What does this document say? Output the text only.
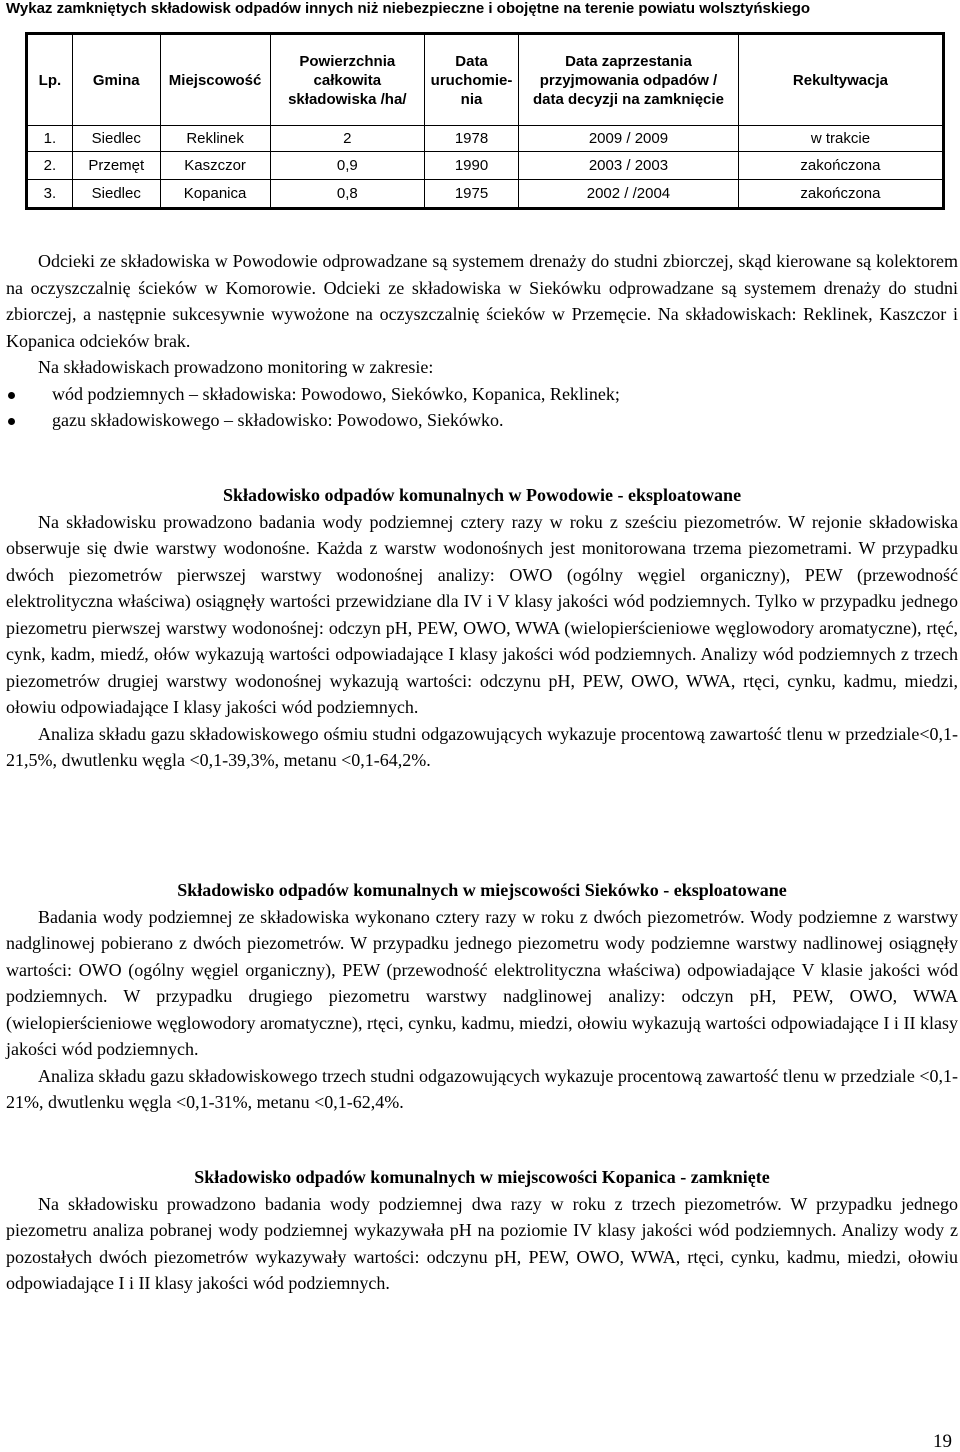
Wykaz zamkniętych składowisk odpadów innych niż niebezpieczne i obojętne na terenie powiatu wolsztyńskiego
Lp.	Gmina	Miejscowość	Powierzchnia całkowita składowiska /ha/	Data uruchomie-nia	Data zaprzestania przyjmowania odpadów / data decyzji na zamknięcie	Rekultywacja
1.	Siedlec	Reklinek	2	1978	2009 / 2009	w trakcie
2.	Przemęt	Kaszczor	0,9	1990	2003 / 2003	zakończona
3.	Siedlec	Kopanica	0,8	1975	2002 / /2004	zakończona

Odcieki ze składowiska w Powodowie odprowadzane są systemem drenaży do studni zbiorczej, skąd kierowane są kolektorem na oczyszczalnię ścieków w Komorowie. Odcieki ze składowiska w Siekówku odprowadzane są systemem drenaży do studni zbiorczej, a następnie sukcesywnie wywożone na oczyszczalnię ścieków w Przemęcie. Na składowiskach: Reklinek, Kaszczor i Kopanica odcieków brak.

Na składowiskach prowadzono monitoring w zakresie:

wód podziemnych – składowiska: Powodowo, Siekówko, Kopanica, Reklinek;
gazu składowiskowego – składowisko: Powodowo, Siekówko.

Składowisko odpadów komunalnych w Powodowie - eksploatowane

Na składowisku prowadzono badania wody podziemnej cztery razy w roku z sześciu piezometrów. W rejonie składowiska obserwuje się dwie warstwy wodonośne. Każda z warstw wodonośnych jest monitorowana trzema piezometrami. W przypadku dwóch piezometrów pierwszej warstwy wodonośnej analizy: OWO (ogólny węgiel organiczny), PEW (przewodność elektrolityczna właściwa) osiągnęły wartości przewidziane dla IV i V klasy jakości wód podziemnych. Tylko w przypadku jednego piezometru pierwszej warstwy wodonośnej: odczyn pH, PEW, OWO, WWA (wielopierścieniowe węglowodory aromatyczne), rtęć, cynk, kadm, miedź, ołów wykazują wartości odpowiadające I klasy jakości wód podziemnych. Analizy wód podziemnych z trzech piezometrów drugiej warstwy wodonośnej wykazują wartości: odczynu pH, PEW, OWO, WWA, rtęci, cynku, kadmu, miedzi, ołowiu odpowiadające I klasy jakości wód podziemnych.

Analiza składu gazu składowiskowego ośmiu studni odgazowujących wykazuje procentową zawartość tlenu w przedziale<0,1-21,5%, dwutlenku węgla <0,1-39,3%, metanu <0,1-64,2%.

Składowisko odpadów komunalnych w miejscowości Siekówko - eksploatowane

Badania wody podziemnej ze składowiska wykonano cztery razy w roku z dwóch piezometrów. Wody podziemne z warstwy nadglinowej pobierano z dwóch piezometrów. W przypadku jednego piezometru wody podziemne warstwy nadlinowej osiągnęły wartości: OWO (ogólny węgiel organiczny), PEW (przewodność elektrolityczna właściwa) odpowiadające V klasie jakości wód podziemnych. W przypadku drugiego piezometru warstwy nadglinowej analizy: odczyn pH, PEW, OWO, WWA (wielopierścieniowe węglowodory aromatyczne), rtęci, cynku, kadmu, miedzi, ołowiu wykazują wartości odpowiadające I i II klasy jakości wód podziemnych.

Analiza składu gazu składowiskowego trzech studni odgazowujących wykazuje procentową zawartość tlenu w przedziale <0,1-21%, dwutlenku węgla <0,1-31%, metanu <0,1-62,4%.

Składowisko odpadów komunalnych w miejscowości Kopanica - zamknięte

Na składowisku prowadzono badania wody podziemnej dwa razy w roku z trzech piezometrów. W przypadku jednego piezometru analiza pobranej wody podziemnej wykazywała pH na poziomie IV klasy jakości wód podziemnych. Analizy wody z pozostałych dwóch piezometrów wykazywały wartości: odczynu pH, PEW, OWO, WWA, rtęci, cynku, kadmu, miedzi, ołowiu odpowiadające I i II klasy jakości wód podziemnych.

19
